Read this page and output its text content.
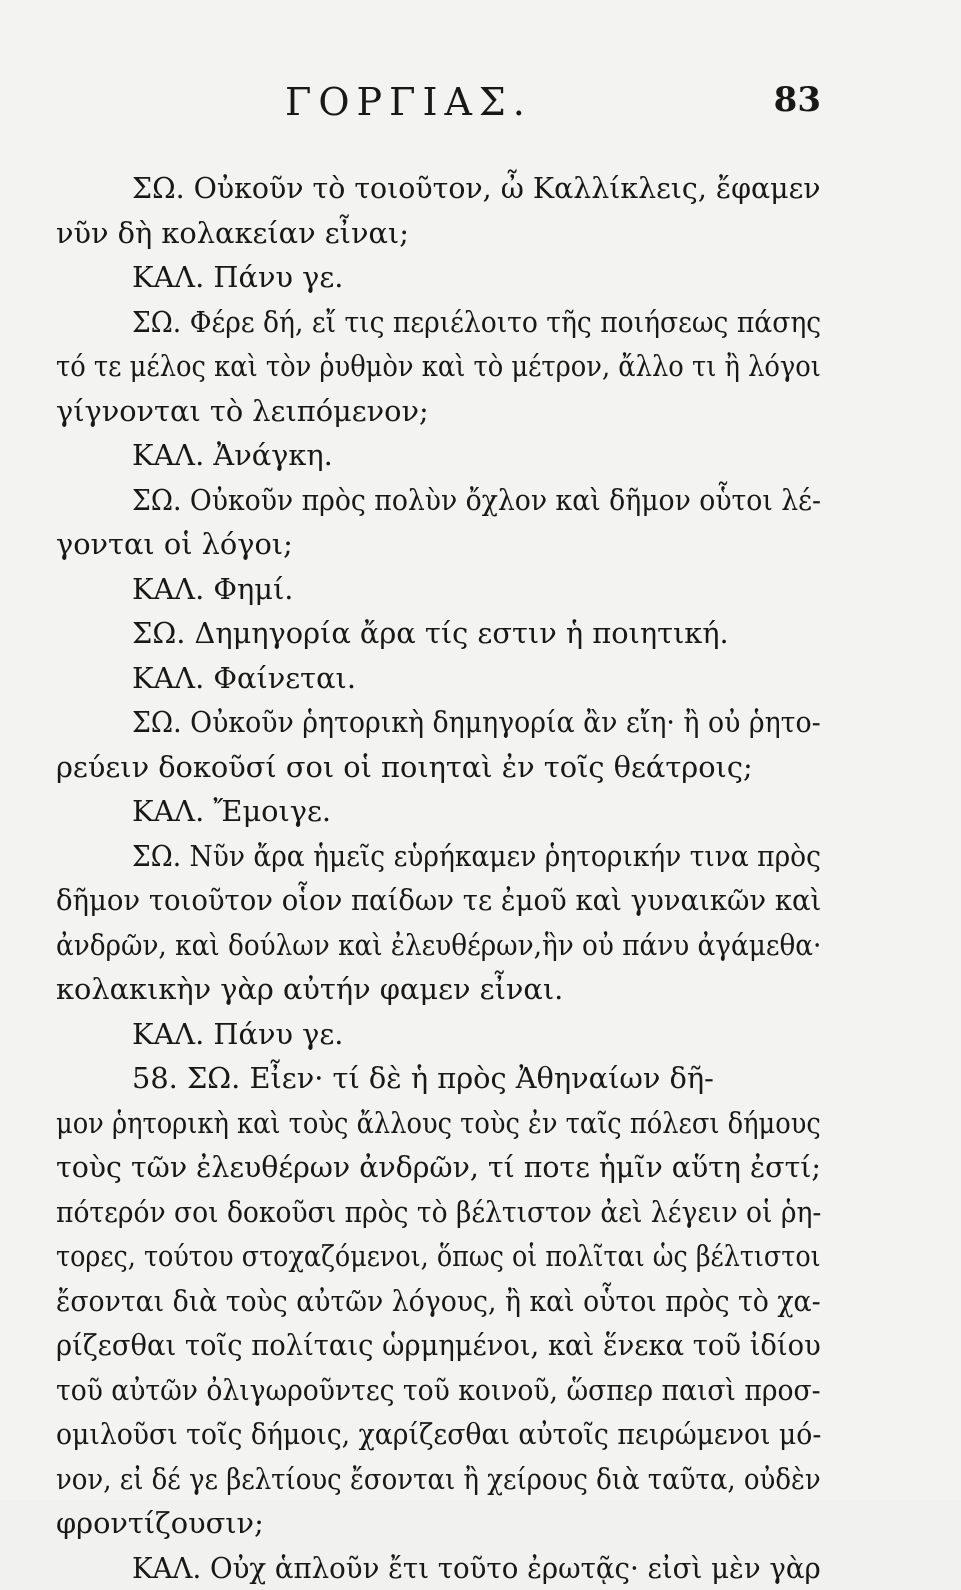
ΓΟΡΓΙΑΣ.	83
ΣΩ. Οὐκοῦν τὸ τοιοῦτον, ὦ Καλλίκλεις, ἔφαμεν
νῦν δὴ κολακείαν εἶναι;
ΚΑΛ. Πάνυ γε.
ΣΩ. Φέρε δή, εἴ τις περιέλοιτο τῆς ποιήσεως πάσης
τό τε μέλος καὶ τὸν ῥυθμὸν καὶ τὸ μέτρον, ἄλλο τι ἢ λόγοι
γίγνονται τὸ λειπόμενον;
ΚΑΛ. Ἀνάγκη.
ΣΩ. Οὐκοῦν πρὸς πολὺν ὄχλον καὶ δῆμον οὗτοι λέ-
γονται οἱ λόγοι;
ΚΑΛ. Φημί.
ΣΩ. Δημηγορία ἄρα τίς εστιν ἡ ποιητική.
ΚΑΛ. Φαίνεται.
ΣΩ. Οὐκοῦν ῥητορικὴ δημηγορία ἂν εἴη· ἢ οὐ ῥητο-
ρεύειν δοκοῦσί σοι οἱ ποιηταὶ ἐν τοῖς θεάτροις;
ΚΑΛ. Ἔμοιγε.
ΣΩ. Νῦν ἄρα ἡμεῖς εὑρήκαμεν ῥητορικήν τινα πρὸς
δῆμον τοιοῦτον οἷον παίδων τε ἐμοῦ καὶ γυναικῶν καὶ
ἀνδρῶν, καὶ δούλων καὶ ἐλευθέρων,ἣν οὐ πάνυ ἀγάμεθα·
κολακικὴν γὰρ αὐτήν φαμεν εἶναι.
ΚΑΛ. Πάνυ γε.
58. ΣΩ. Εἶεν· τί δὲ ἡ πρὸς Ἀθηναίων δῆ-
μον ῥητορικὴ καὶ τοὺς ἄλλους τοὺς ἐν ταῖς πόλεσι δήμους
τοὺς τῶν ἐλευθέρων ἀνδρῶν, τί ποτε ἡμῖν αὕτη ἐστί;
πότερόν σοι δοκοῦσι πρὸς τὸ βέλτιστον ἀεὶ λέγειν οἱ ῥη-
τορες, τούτου στοχαζόμενοι, ὅπως οἱ πολῖται ὡς βέλτιστοι
ἔσονται διὰ τοὺς αὐτῶν λόγους, ἢ καὶ οὗτοι πρὸς τὸ χα-
ρίζεσθαι τοῖς πολίταις ὡρμημένοι, καὶ ἕνεκα τοῦ ἰδίου
τοῦ αὐτῶν ὀλιγωροῦντες τοῦ κοινοῦ, ὥσπερ παισὶ προσ-
ομιλοῦσι τοῖς δήμοις, χαρίζεσθαι αὐτοῖς πειρώμενοι μό-
νον, εἰ δέ γε βελτίους ἔσονται ἢ χείρους διὰ ταῦτα, οὐδὲν
φροντίζουσιν;
ΚΑΛ. Οὐχ ἁπλοῦν ἔτι τοῦτο ἐρωτᾷς· εἰσὶ μὲν γὰρ
